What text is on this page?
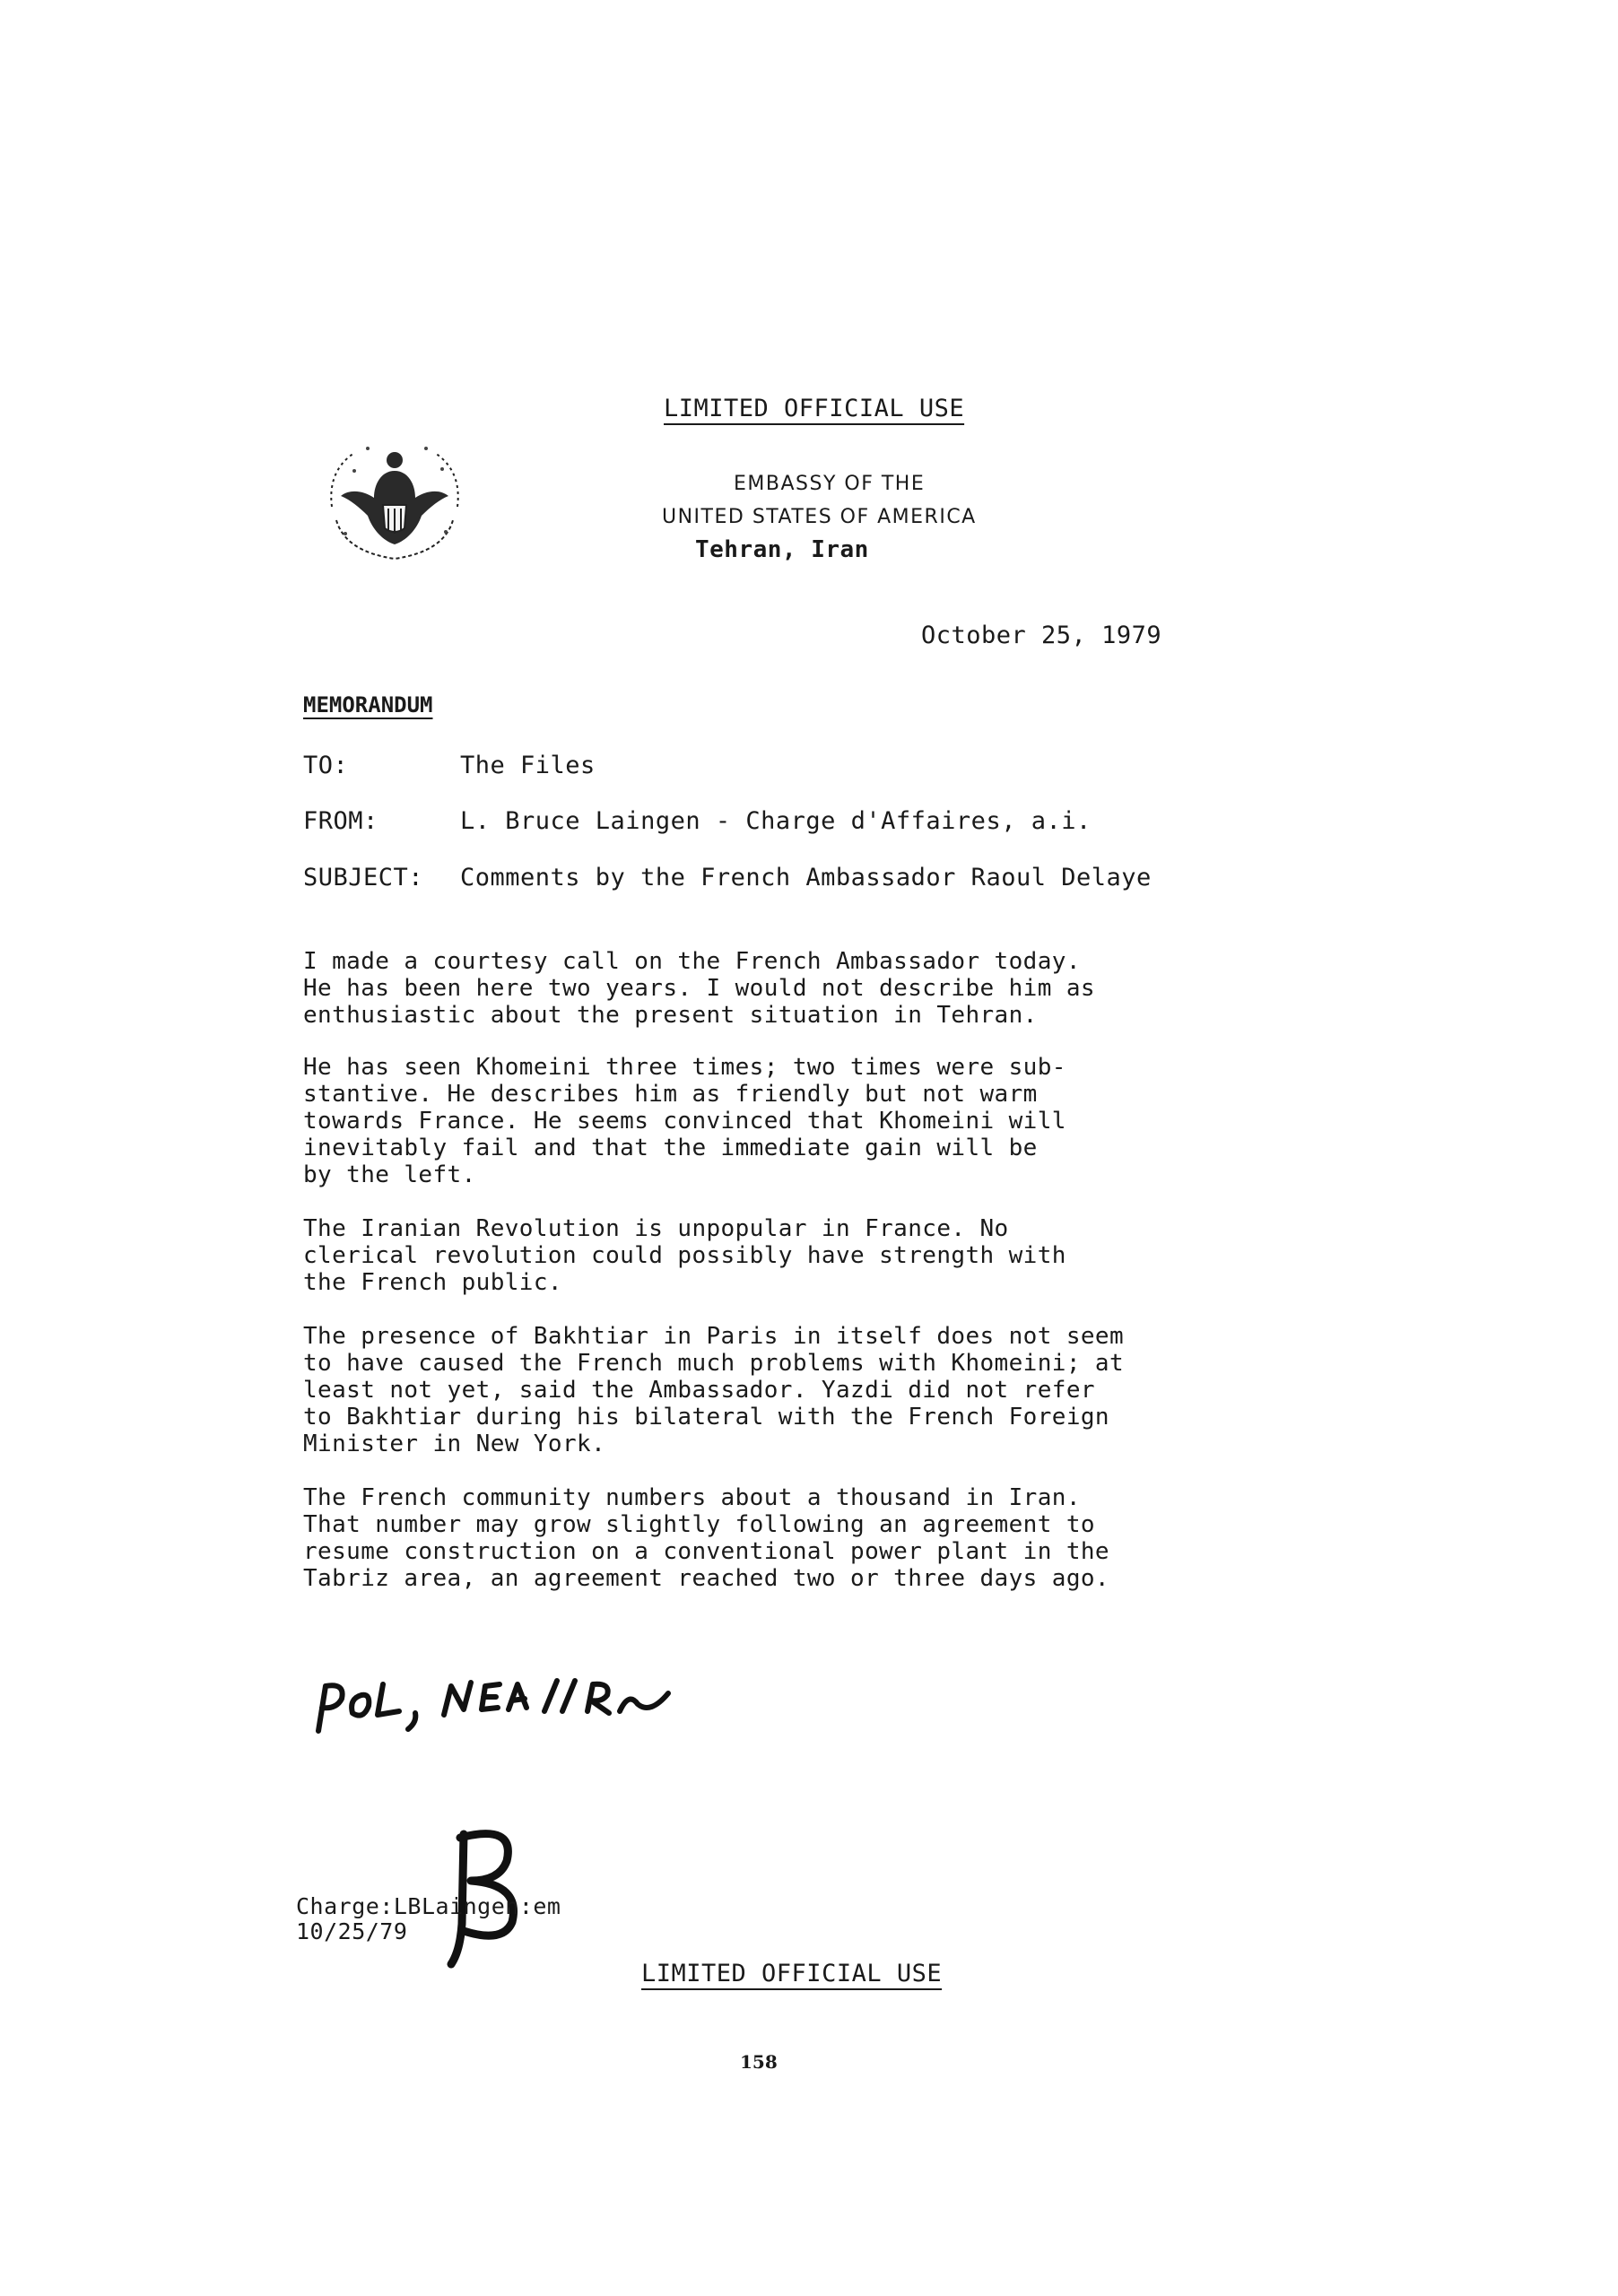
LIMITED OFFICIAL USE
EMBASSY OF THE
UNITED STATES OF AMERICA
Tehran, Iran
October 25, 1979
MEMORANDUM
TO:	The Files
FROM:	L. Bruce Laingen - Charge d'Affaires, a.i.
SUBJECT: Comments by the French Ambassador Raoul Delaye
I made a courtesy call on the French Ambassador today.
He has been here two years. I would not describe him as
enthusiastic about the present situation in Tehran.
He has seen Khomeini three times; two times were sub-
stantive. He describes him as friendly but not warm
towards France. He seems convinced that Khomeini will
inevitably fail and that the immediate gain will be
by the left.
The Iranian Revolution is unpopular in France. No
clerical revolution could possibly have strength with
the French public.
The presence of Bakhtiar in Paris in itself does not seem
to have caused the French much problems with Khomeini; at
least not yet, said the Ambassador. Yazdi did not refer
to Bakhtiar during his bilateral with the French Foreign
Minister in New York.
The French community numbers about a thousand in Iran.
That number may grow slightly following an agreement to
resume construction on a conventional power plant in the
Tabriz area, an agreement reached two or three days ago.
Charge:LBLaingen:em
10/25/79
LIMITED OFFICIAL USE
158
